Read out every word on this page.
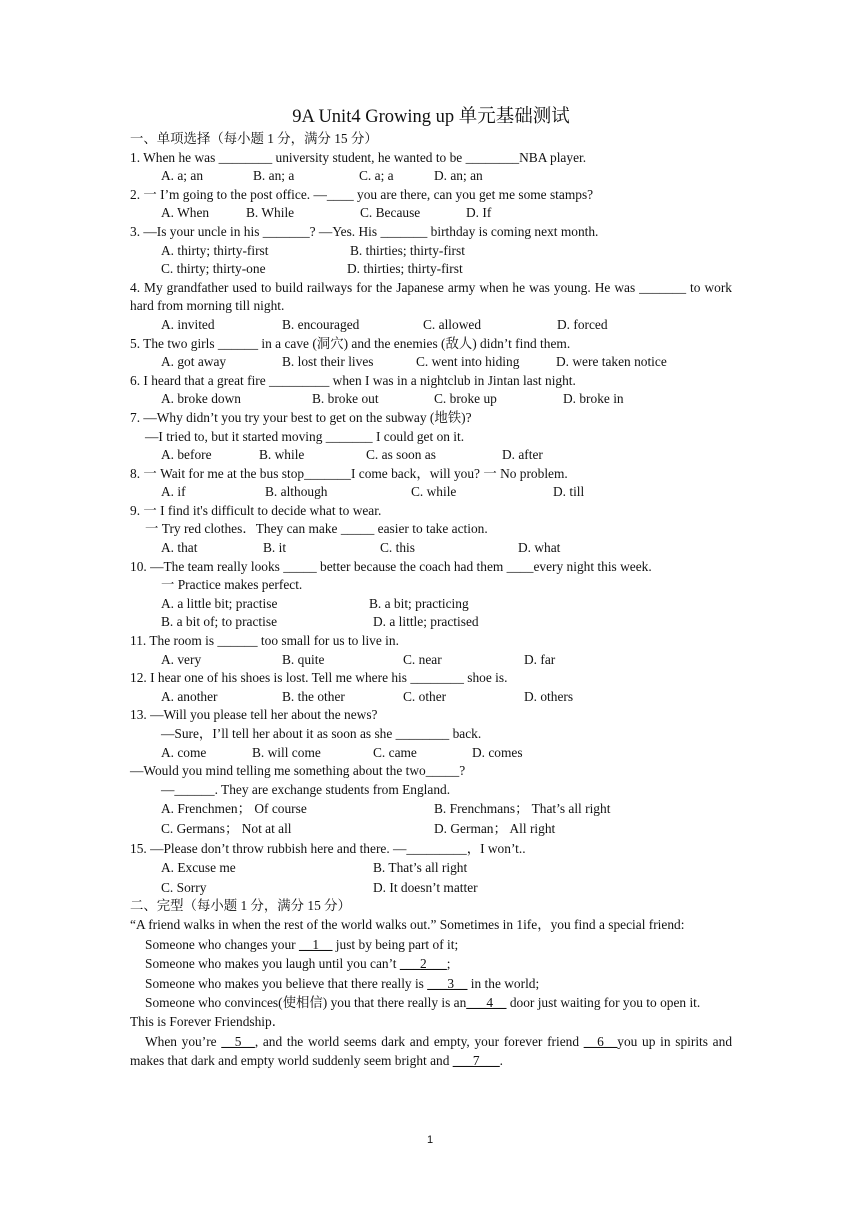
9A Unit4 Growing up 单元基础测试
一、单项选择（每小题 1 分，满分 15 分）
1. When he was ________ university student, he wanted to be ________NBA player.
A. a; an	B. an; a	C. a; a	D. an; an
2. 一 I’m going to the post office. —____ you are there, can you get me some stamps?
A. When	B. While	C. Because	D. If
3. —Is your uncle in his _______? —Yes. His _______ birthday is coming next month.
A. thirty; thirty-first	B. thirties; thirty-first
C. thirty; thirty-one	D. thirties; thirty-first
4. My grandfather used to build railways for the Japanese army when he was young. He was _______ to work hard from morning till night.
A. invited	B. encouraged	C. allowed	D. forced
5. The two girls ______ in a cave (洞穴) and the enemies (敌人) didn’t find them.
A. got away	B. lost their lives	C. went into hiding	D. were taken notice
6. I heard that a great fire _________ when I was in a nightclub in Jintan last night.
A. broke down	B. broke out	C. broke up	D. broke in
7. —Why didn’t you try your best to get on the subway (地铁)?
—I tried to, but it started moving _______ I could get on it.
A. before	B. while	C. as soon as	D. after
8. 一 Wait for me at the bus stop_______I come back，will you? 一 No problem.
A. if	B. although	C. while	D. till
9. 一 I find it's difficult to decide what to wear.
一 Try red clothes．They can make _____ easier to take action.
A. that	B. it	C. this	D. what
10. —The team really looks _____ better because the coach had them ____every night this week.
一 Practice makes perfect.
A. a little bit; practise	B. a bit; practicing
B. a bit of; to practise	D. a little; practised
11. The room is ______ too small for us to live in.
A. very	B. quite	C. near	D. far
12. I hear one of his shoes is lost. Tell me where his ________ shoe is.
A. another	B. the other	C. other	D. others
13. —Will you please tell her about the news?
—Sure，I’ll tell her about it as soon as she ________ back.
A. come	B. will come	C. came	D. comes
—Would you mind telling me something about the two_____?
—______. They are exchange students from England.
A. Frenchmen； Of course	B. Frenchmans； That’s all right
C. Germans； Not at all	D. German； All right
15. —Please don’t throw rubbish here and there. —_________，I won’t..
A. Excuse me	B. That’s all right
C. Sorry	D. It doesn’t matter
二、完型（每小题 1 分，满分 15 分）
“A friend walks in when the rest of the world walks out.” Sometimes in 1ife，you find a special friend:
Someone who changes your __1__ just by being part of it;
Someone who makes you laugh until you can’t ___2___;
Someone who makes you believe that there really is ___3__ in the world;
Someone who convinces(使相信) you that there really is an___4__ door just waiting for you to open it.
This is Forever Friendship．
When you’re __5__, and the world seems dark and empty, your forever friend __6__you up in spirits and makes that dark and empty world suddenly seem bright and ___7___.
1
